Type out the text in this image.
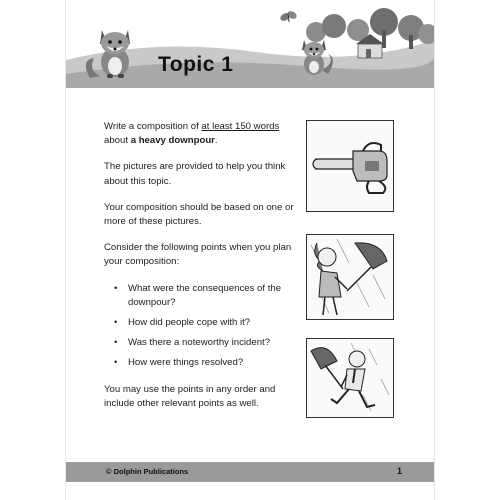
Topic 1

Write a composition of at least 150 words about a heavy downpour.

The pictures are provided to help you think about this topic.

Your composition should be based on one or more of these pictures.

Consider the following points when you plan your composition:

• What were the consequences of the downpour?
• How did people cope with it?
• Was there a noteworthy incident?
• How were things resolved?

You may use the points in any order and include other relevant points as well.

© Dolphin Publications	1
